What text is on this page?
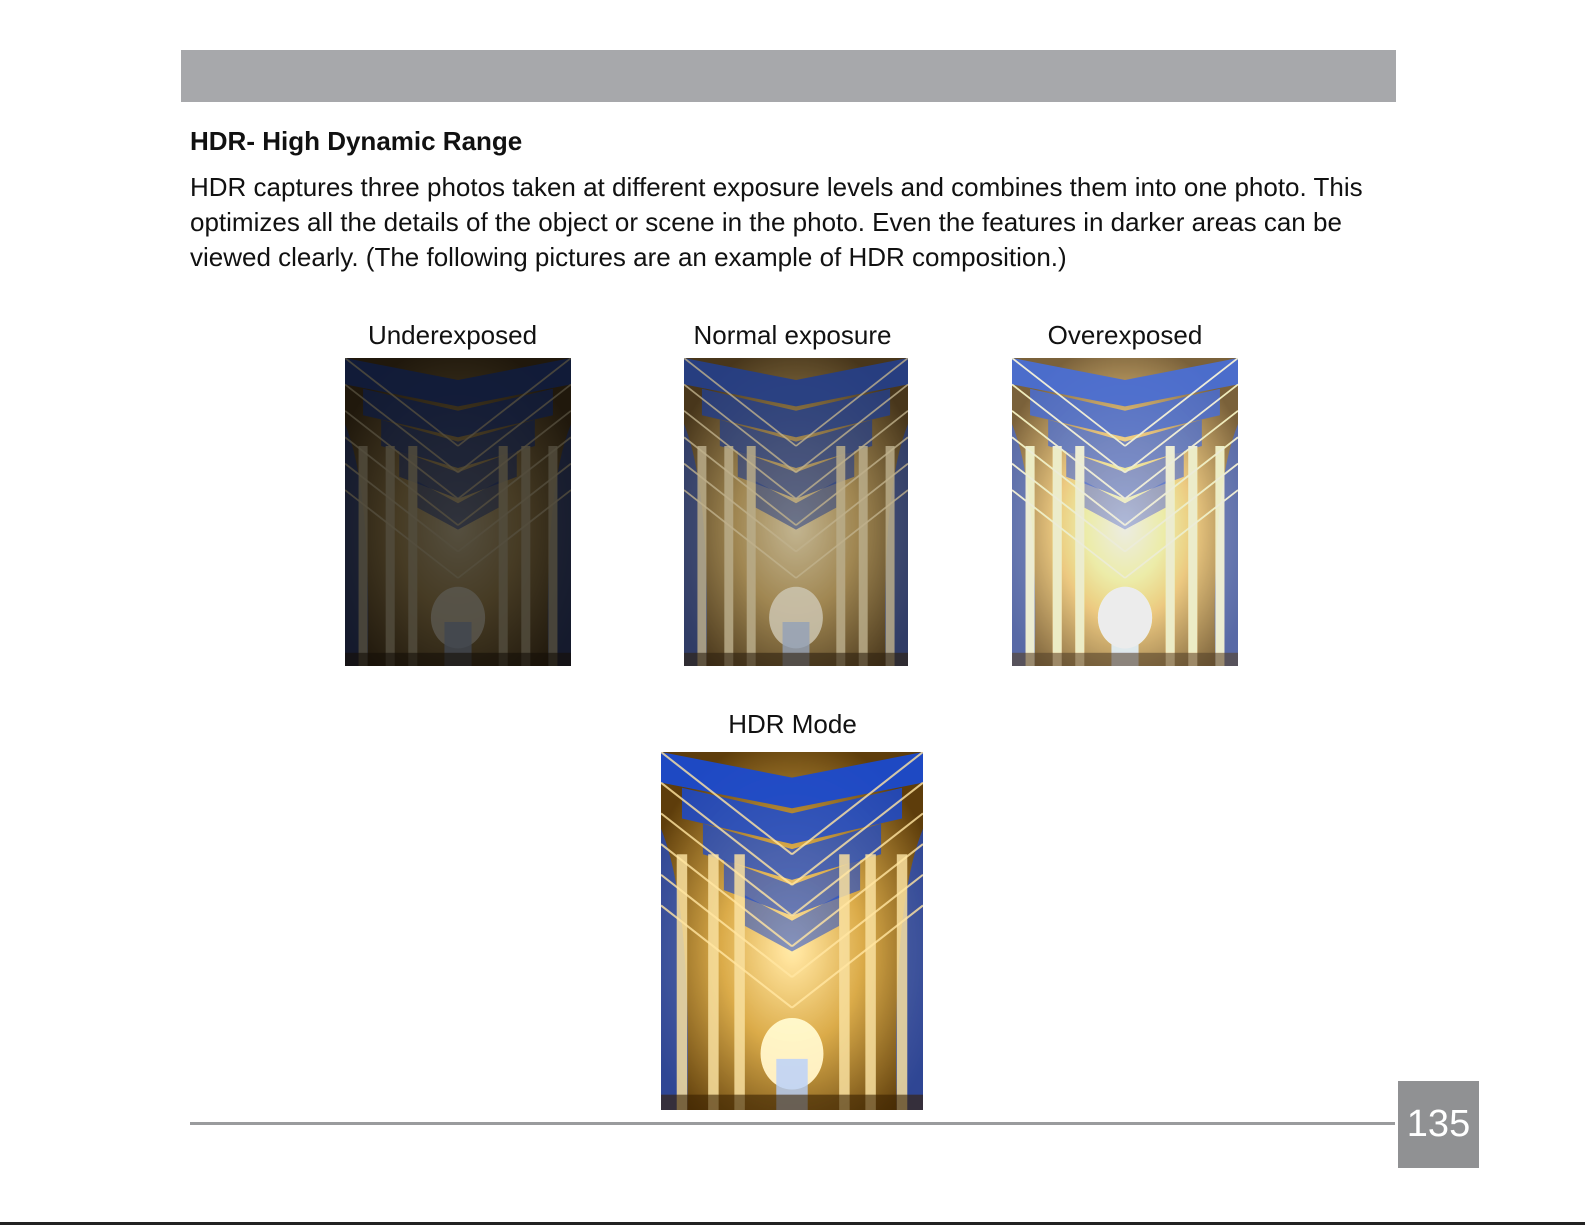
HDR- High Dynamic Range

HDR captures three photos taken at different exposure levels and combines them into one photo. This optimizes all the details of the object or scene in the photo. Even the features in darker areas can be viewed clearly. (The following pictures are an example of HDR composition.)

Underexposed	Normal exposure	Overexposed
HDR Mode
135
